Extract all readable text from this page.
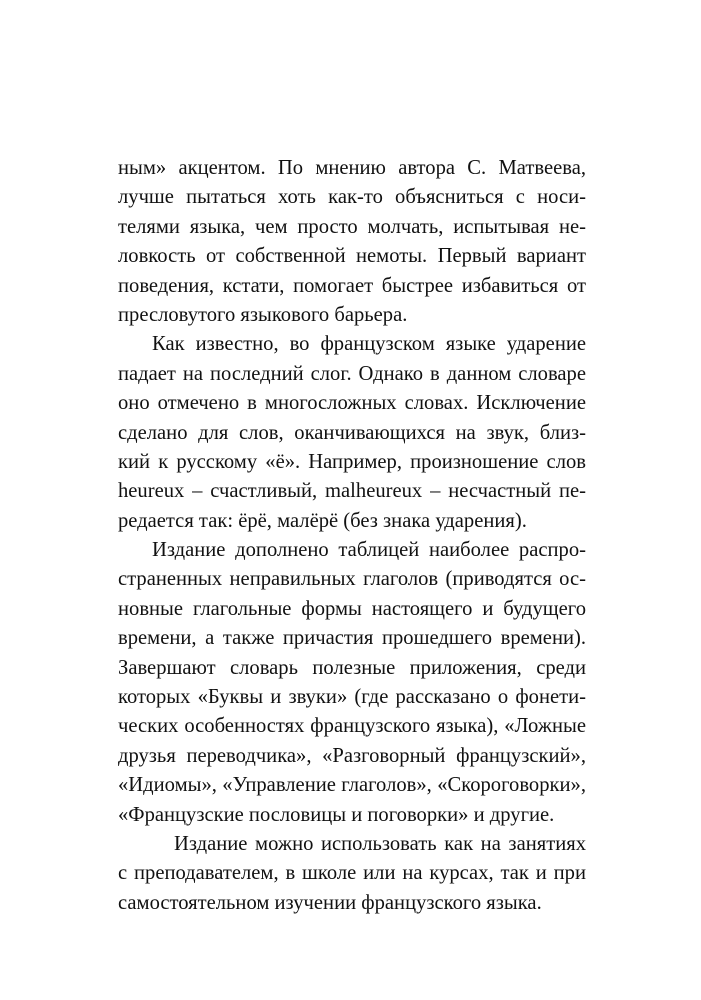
ным» акцентом. По мнению автора С. Матвеева,
лучше пытаться хоть как-то объясниться с носи-
телями языка, чем просто молчать, испытывая не-
ловкость от собственной немоты. Первый вариант
поведения, кстати, помогает быстрее избавиться от
пресловутого языкового барьера.
Как известно, во французском языке ударение
падает на последний слог. Однако в данном словаре
оно отмечено в многосложных словах. Исключение
сделано для слов, оканчивающихся на звук, близ-
кий к русскому «ё». Например, произношение слов
heureux – счастливый, malheureux – несчастный пе-
редается так: ёрё, малёрё (без знака ударения).
Издание дополнено таблицей наиболее распро-
страненных неправильных глаголов (приводятся ос-
новные глагольные формы настоящего и будущего
времени, а также причастия прошедшего времени).
Завершают словарь полезные приложения, среди
которых «Буквы и звуки» (где рассказано о фонети-
ческих особенностях французского языка), «Ложные
друзья переводчика», «Разговорный французский»,
«Идиомы», «Управление глаголов», «Скороговорки»,
«Французские пословицы и поговорки» и другие.
Издание можно использовать как на занятиях
с преподавателем, в школе или на курсах, так и при
самостоятельном изучении французского языка.
